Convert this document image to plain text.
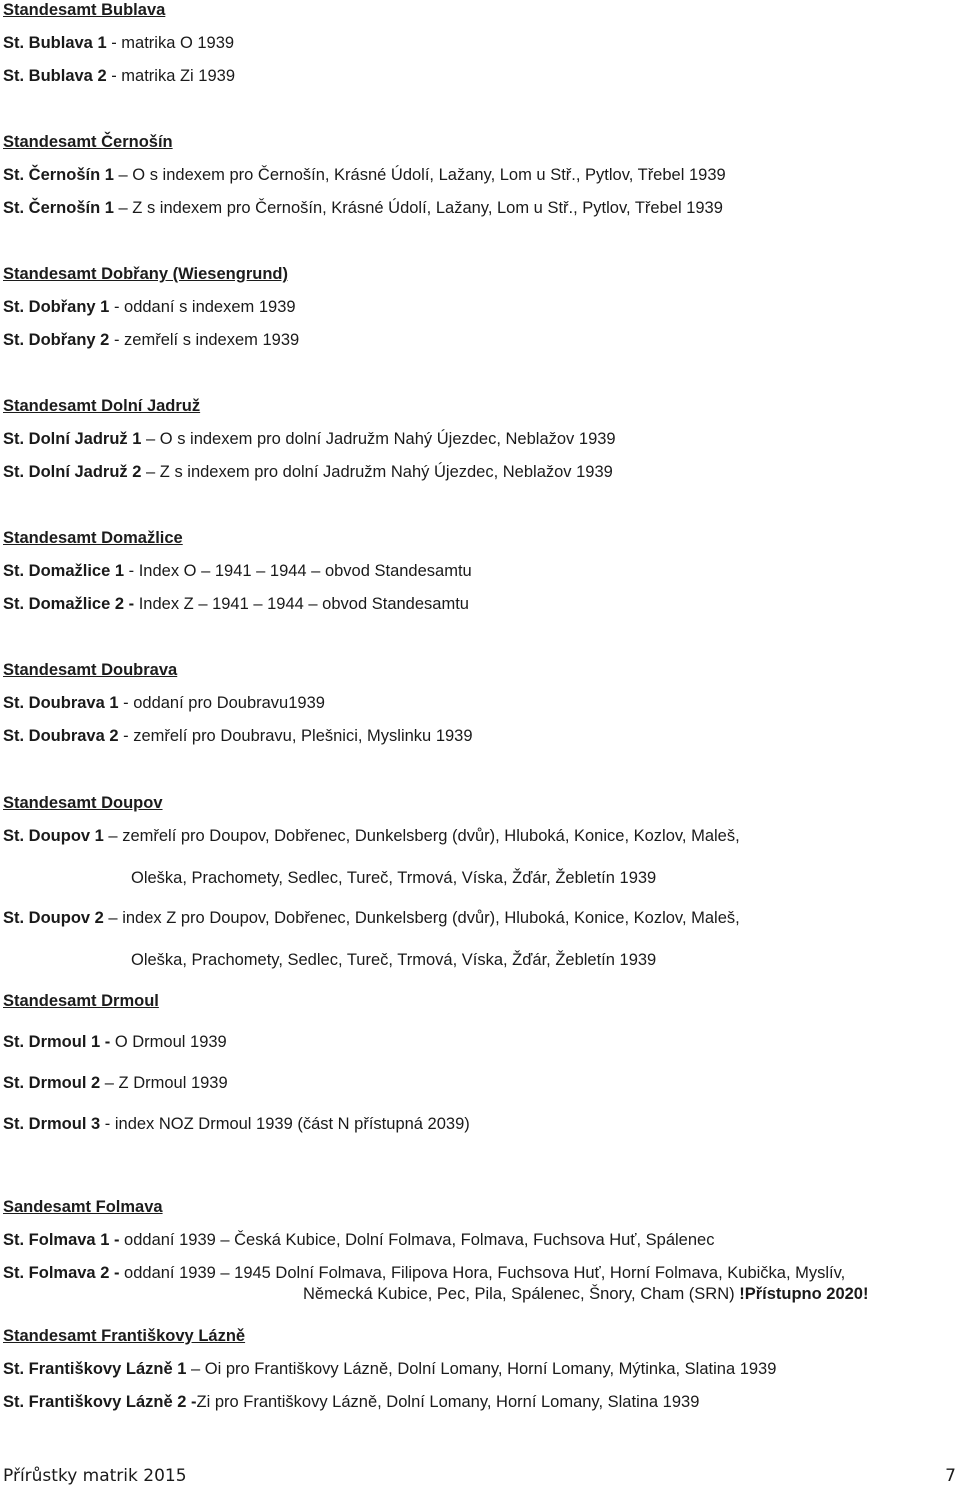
Standesamt Bublava
St. Bublava 1 - matrika O 1939
St. Bublava 2 - matrika Zi 1939
Standesamt Černošín
St. Černošín 1 – O s indexem pro Černošín, Krásné Údolí, Lažany, Lom u Stř., Pytlov, Třebel 1939
St. Černošín 1 – Z s indexem pro Černošín, Krásné Údolí, Lažany, Lom u Stř., Pytlov, Třebel 1939
Standesamt Dobřany (Wiesengrund)
St. Dobřany 1 - oddaní s indexem 1939
St. Dobřany 2 - zemřelí s indexem 1939
Standesamt Dolní Jadruž
St. Dolní Jadruž 1 – O s indexem pro dolní Jadružm Nahý Újezdec, Neblažov 1939
St. Dolní Jadruž 2 – Z s indexem pro dolní Jadružm Nahý Újezdec, Neblažov 1939
Standesamt Domažlice
St. Domažlice 1 - Index O – 1941 – 1944 – obvod Standesamtu
St. Domažlice 2 - Index Z – 1941 – 1944 – obvod Standesamtu
Standesamt Doubrava
St. Doubrava 1 - oddaní pro Doubravu1939
St. Doubrava 2 - zemřelí pro Doubravu, Plešnici, Myslinku 1939
Standesamt Doupov
St. Doupov 1 – zemřelí pro Doupov, Dobřenec, Dunkelsberg (dvůr), Hluboká, Konice, Kozlov, Maleš,
Oleška, Prachomety, Sedlec, Tureč, Trmová, Víska, Žďár, Žebletín 1939
St. Doupov 2 – index Z pro Doupov, Dobřenec, Dunkelsberg (dvůr), Hluboká, Konice, Kozlov, Maleš,
Oleška, Prachomety, Sedlec, Tureč, Trmová, Víska, Žďár, Žebletín 1939
Standesamt Drmoul
St. Drmoul 1 - O Drmoul 1939
St. Drmoul 2 – Z Drmoul 1939
St. Drmoul 3 - index NOZ Drmoul 1939 (část N přístupná 2039)
Sandesamt Folmava
St. Folmava 1 - oddaní 1939 – Česká Kubice, Dolní Folmava, Folmava, Fuchsova Huť, Spálenec
St. Folmava 2 - oddaní 1939 – 1945 Dolní Folmava, Filipova Hora, Fuchsova Huť, Horní Folmava, Kubička, Myslív,
Německá Kubice, Pec, Pila, Spálenec, Šnory, Cham (SRN) !Přístupno 2020!
Standesamt Františkovy Lázně
St. Františkovy Lázně 1 – Oi pro Františkovy Lázně, Dolní Lomany, Horní Lomany, Mýtinka, Slatina 1939
St. Františkovy Lázně 2 -Zi pro Františkovy Lázně, Dolní Lomany, Horní Lomany, Slatina 1939
Přírůstky matrik 2015	7
